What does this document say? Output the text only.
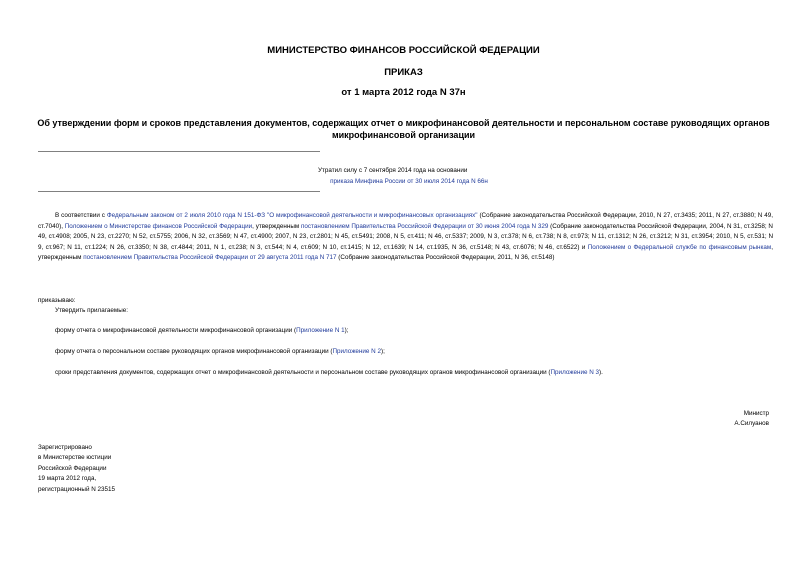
МИНИСТЕРСТВО ФИНАНСОВ РОССИЙСКОЙ ФЕДЕРАЦИИ
ПРИКАЗ
от 1 марта 2012 года N 37н
Об утверждении форм и сроков представления документов, содержащих отчет о микрофинансовой деятельности и персональном составе руководящих органов микрофинансовой организации
Утратил силу с 7 сентября 2014 года на основании
приказа Минфина России от 30 июля 2014 года N 66н

В соответствии с Федеральным законом от 2 июля 2010 года N 151-ФЗ "О микрофинансовой деятельности и микрофинансовых организациях" (Собрание законодательства Российской Федерации, 2010, N 27, ст.3435; 2011, N 27, ст.3880; N 49, ст.7040), Положением о Министерстве финансов Российской Федерации, утвержденным постановлением Правительства Российской Федерации от 30 июня 2004 года N 329 (Собрание законодательства Российской Федерации, 2004, N 31, ст.3258; N 49, ст.4908; 2005, N 23, ст.2270; N 52, ст.5755; 2006, N 32, ст.3569; N 47, ст.4900; 2007, N 23, ст.2801; N 45, ст.5491; 2008, N 5, ст.411; N 46, ст.5337; 2009, N 3, ст.378; N 6, ст.738; N 8, ст.973; N 11, ст.1312; N 26, ст.3212; N 31, ст.3954; 2010, N 5, ст.531; N 9, ст.967; N 11, ст.1224; N 26, ст.3350; N 38, ст.4844; 2011, N 1, ст.238; N 3, ст.544; N 4, ст.609; N 10, ст.1415; N 12, ст.1639; N 14, ст.1935, N 36, ст.5148; N 43, ст.6076; N 46, ст.6522) и Положением о Федеральной службе по финансовым рынкам, утвержденным постановлением Правительства Российской Федерации от 29 августа 2011 года N 717 (Собрание законодательства Российской Федерации, 2011, N 36, ст.5148)

приказываю:
Утвердить прилагаемые:
форму отчета о микрофинансовой деятельности микрофинансовой организации (Приложение N 1);
форму отчета о персональном составе руководящих органов микрофинансовой организации (Приложение N 2);
сроки представления документов, содержащих отчет о микрофинансовой деятельности и персональном составе руководящих органов микрофинансовой организации (Приложение N 3).
Министр
А.Силуанов
Зарегистрировано
в Министерстве юстиции
Российской Федерации
19 марта 2012 года,
регистрационный N 23515
